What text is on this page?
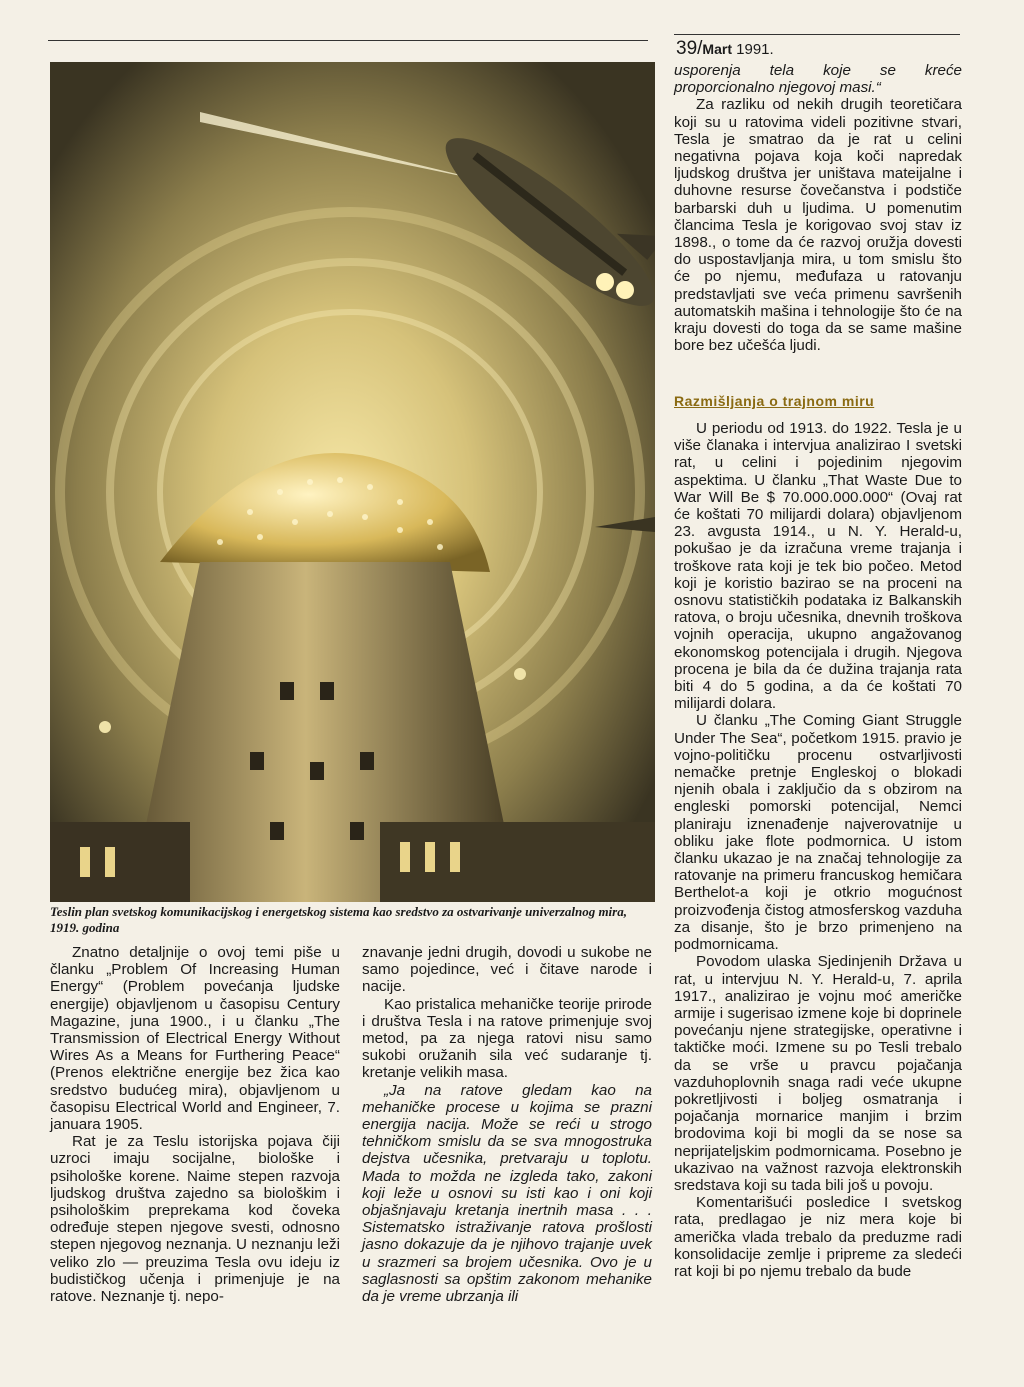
39/Mart 1991.
Teslin plan svetskog komunikacijskog i energetskog sistema kao sredstvo za ostvarivanje univerzalnog mira, 1919. godina

Znatno detaljnije o ovoj temi piše u članku „Problem Of Increasing Human Energy“ (Problem povećanja ljudske energije) objavljenom u časopisu Century Magazine, juna 1900., i u članku „The Transmission of Electrical Energy Without Wires As a Means for Furthering Peace“ (Prenos električne energije bez žica kao sredstvo budućeg mira), objavljenom u časopisu Electrical World and Engineer, 7. januara 1905.

Rat je za Teslu istorijska pojava čiji uzroci imaju socijalne, biološke i psihološke korene. Naime stepen razvoja ljudskog društva zajedno sa biološkim i psihološkim preprekama kod čoveka određuje stepen njegove svesti, odnosno stepen njegovog neznanja. U neznanju leži veliko zlo — preuzima Tesla ovu ideju iz budističkog učenja i primenjuje je na ratove. Neznanje tj. nepo-

znavanje jedni drugih, dovodi u sukobe ne samo pojedince, već i čitave narode i nacije.

Kao pristalica mehaničke teorije prirode i društva Tesla i na ratove primenjuje svoj metod, pa za njega ratovi nisu samo sukobi oružanih sila već sudaranje tj. kretanje velikih masa.

„Ja na ratove gledam kao na mehaničke procese u kojima se prazni energija nacija. Može se reći u strogo tehničkom smislu da se sva mnogostruka dejstva učesnika, pretvaraju u toplotu. Mada to možda ne izgleda tako, zakoni koji leže u osnovi su isti kao i oni koji objašnjavaju kretanja inertnih masa . . . Sistematsko istraživanje ratova prošlosti jasno dokazuje da je njihovo trajanje uvek u srazmeri sa brojem učesnika. Ovo je u saglasnosti sa opštim zakonom mehanike da je vreme ubrzanja ili

usporenja tela koje se kreće proporcionalno njegovoj masi.“

Za razliku od nekih drugih teoretičara koji su u ratovima videli pozitivne stvari, Tesla je smatrao da je rat u celini negativna pojava koja koči napredak ljudskog društva jer uništava mateijalne i duhovne resurse čovečanstva i podstiče barbarski duh u ljudima. U pomenutim člancima Tesla je korigovao svoj stav iz 1898., o tome da će razvoj oružja dovesti do uspostavljanja mira, u tom smislu što će po njemu, međufaza u ratovanju predstavljati sve veća primenu savršenih automatskih mašina i tehnologije što će na kraju dovesti do toga da se same mašine bore bez učešća ljudi.

Razmišljanja o trajnom miru

U periodu od 1913. do 1922. Tesla je u više članaka i intervjua analizirao I svetski rat, u celini i pojedinim njegovim aspektima. U članku „That Waste Due to War Will Be $ 70.000.000.000“ (Ovaj rat će koštati 70 milijardi dolara) objavljenom 23. avgusta 1914., u N. Y. Herald-u, pokušao je da izračuna vreme trajanja i troškove rata koji je tek bio počeo. Metod koji je koristio bazirao se na proceni na osnovu statističkih podataka iz Balkanskih ratova, o broju učesnika, dnevnih troškova vojnih operacija, ukupno angažovanog ekonomskog potencijala i drugih. Njegova procena je bila da će dužina trajanja rata biti 4 do 5 godina, a da će koštati 70 milijardi dolara.

U članku „The Coming Giant Struggle Under The Sea“, početkom 1915. pravio je vojno-političku procenu ostvarljivosti nemačke pretnje Engleskoj o blokadi njenih obala i zaključio da s obzirom na engleski pomorski potencijal, Nemci planiraju iznenađenje najverovatnije u obliku jake flote podmornica. U istom članku ukazao je na značaj tehnologije za ratovanje na primeru francuskog hemičara Berthelot-a koji je otkrio mogućnost proizvođenja čistog atmosferskog vazduha za disanje, što je brzo primenjeno na podmornicama.

Povodom ulaska Sjedinjenih Država u rat, u intervjuu N. Y. Herald-u, 7. aprila 1917., analizirao je vojnu moć američke armije i sugerisao izmene koje bi doprinele povećanju njene strategijske, operativne i taktičke moći. Izmene su po Tesli trebalo da se vrše u pravcu pojačanja vazduhoplovnih snaga radi veće ukupne pokretljivosti i boljeg osmatranja i pojačanja mornarice manjim i brzim brodovima koji bi mogli da se nose sa neprijateljskim podmornicama. Posebno je ukazivao na važnost razvoja elektronskih sredstava koji su tada bili još u povoju.

Komentarišući posledice I svetskog rata, predlagao je niz mera koje bi američka vlada trebalo da preduzme radi konsolidacije zemlje i pripreme za sledeći rat koji bi po njemu trebalo da bude
